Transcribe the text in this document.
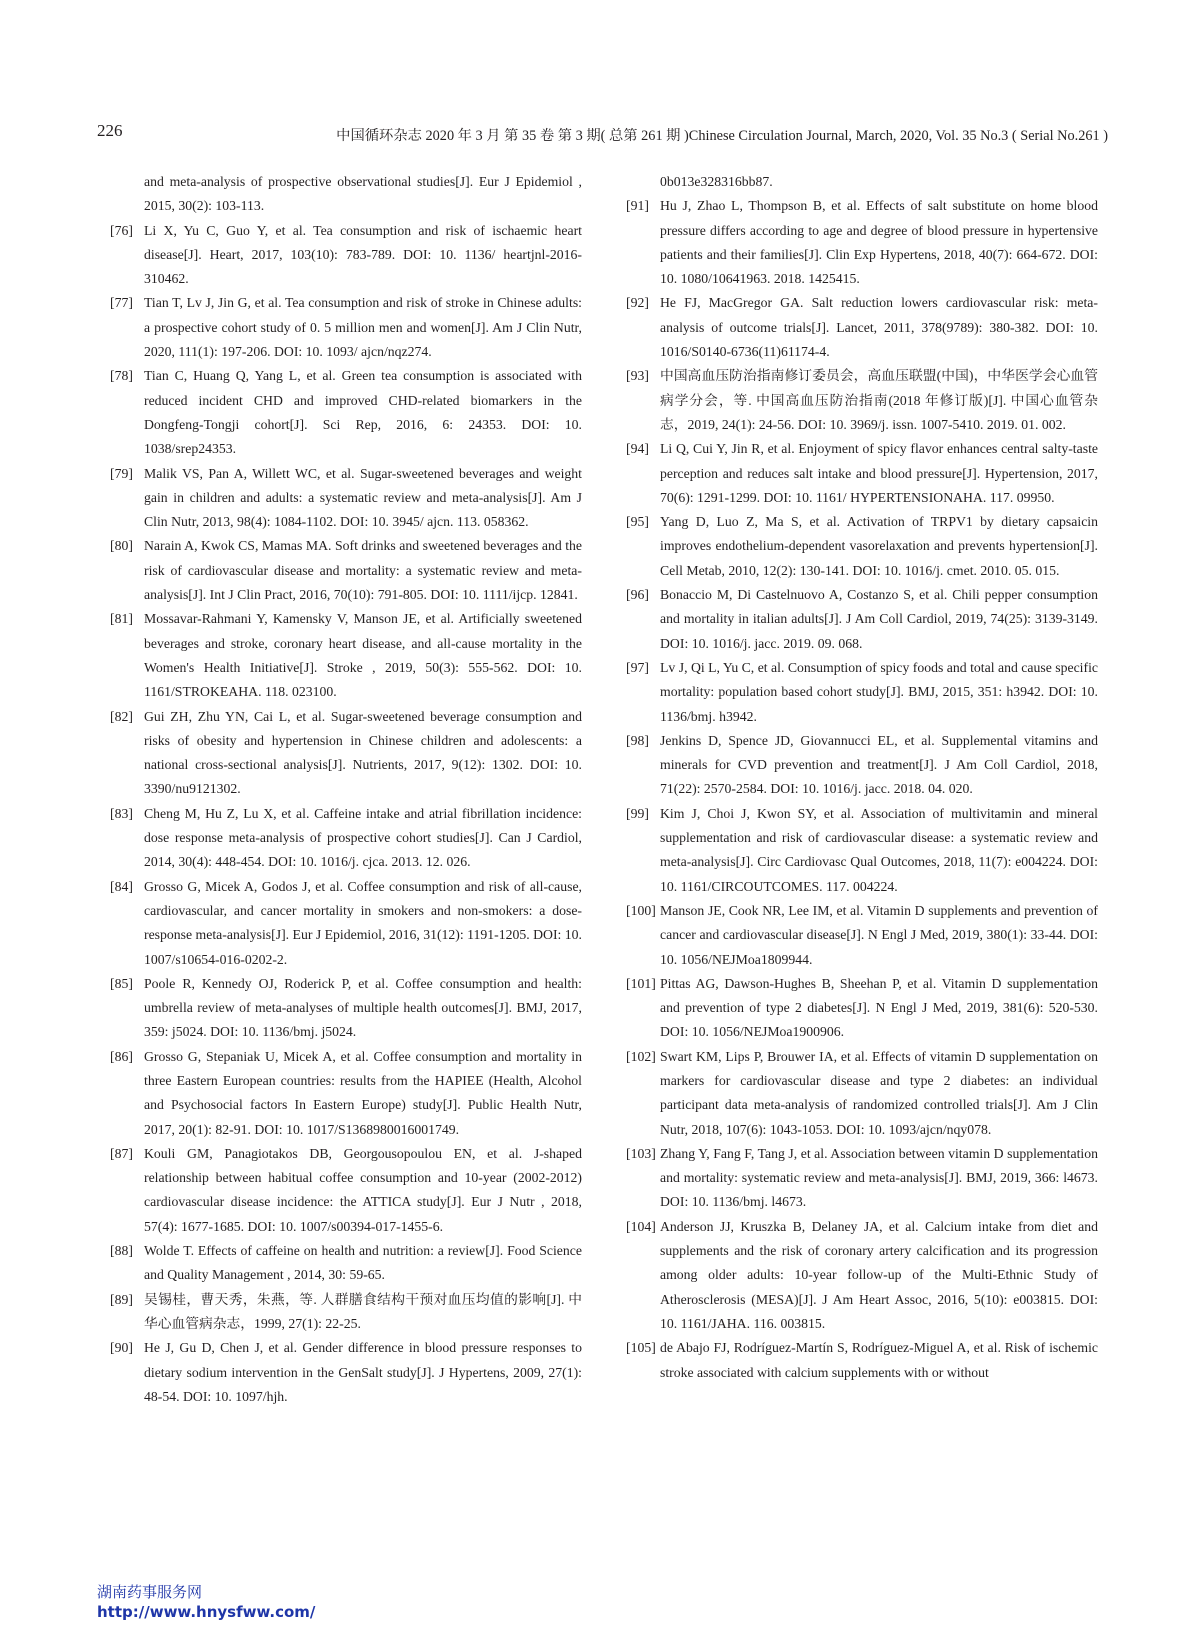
226	中国循环杂志 2020 年 3 月 第 35 卷 第 3 期( 总第 261 期 )Chinese Circulation Journal, March, 2020, Vol. 35 No.3 ( Serial No.261 )
and meta-analysis of prospective observational studies[J]. Eur J Epidemiol , 2015, 30(2): 103-113.
[76] Li X, Yu C, Guo Y, et al. Tea consumption and risk of ischaemic heart disease[J]. Heart, 2017, 103(10): 783-789. DOI: 10. 1136/ heartjnl-2016-310462.
[77] Tian T, Lv J, Jin G, et al. Tea consumption and risk of stroke in Chinese adults: a prospective cohort study of 0. 5 million men and women[J]. Am J Clin Nutr, 2020, 111(1): 197-206. DOI: 10. 1093/ ajcn/nqz274.
[78] Tian C, Huang Q, Yang L, et al. Green tea consumption is associated with reduced incident CHD and improved CHD-related biomarkers in the Dongfeng-Tongji cohort[J]. Sci Rep, 2016, 6: 24353. DOI: 10. 1038/srep24353.
[79] Malik VS, Pan A, Willett WC, et al. Sugar-sweetened beverages and weight gain in children and adults: a systematic review and meta-analysis[J]. Am J Clin Nutr, 2013, 98(4): 1084-1102. DOI: 10. 3945/ ajcn. 113. 058362.
[80] Narain A, Kwok CS, Mamas MA. Soft drinks and sweetened beverages and the risk of cardiovascular disease and mortality: a systematic review and meta-analysis[J]. Int J Clin Pract, 2016, 70(10): 791-805. DOI: 10. 1111/ijcp. 12841.
[81] Mossavar-Rahmani Y, Kamensky V, Manson JE, et al. Artificially sweetened beverages and stroke, coronary heart disease, and all-cause mortality in the Women's Health Initiative[J]. Stroke , 2019, 50(3): 555-562. DOI: 10. 1161/STROKEAHA. 118. 023100.
[82] Gui ZH, Zhu YN, Cai L, et al. Sugar-sweetened beverage consumption and risks of obesity and hypertension in Chinese children and adolescents: a national cross-sectional analysis[J]. Nutrients, 2017, 9(12): 1302. DOI: 10. 3390/nu9121302.
[83] Cheng M, Hu Z, Lu X, et al. Caffeine intake and atrial fibrillation incidence: dose response meta-analysis of prospective cohort studies[J]. Can J Cardiol, 2014, 30(4): 448-454. DOI: 10. 1016/j. cjca. 2013. 12. 026.
[84] Grosso G, Micek A, Godos J, et al. Coffee consumption and risk of all-cause, cardiovascular, and cancer mortality in smokers and non-smokers: a dose-response meta-analysis[J]. Eur J Epidemiol, 2016, 31(12): 1191-1205. DOI: 10. 1007/s10654-016-0202-2.
[85] Poole R, Kennedy OJ, Roderick P, et al. Coffee consumption and health: umbrella review of meta-analyses of multiple health outcomes[J]. BMJ, 2017, 359: j5024. DOI: 10. 1136/bmj. j5024.
[86] Grosso G, Stepaniak U, Micek A, et al. Coffee consumption and mortality in three Eastern European countries: results from the HAPIEE (Health, Alcohol and Psychosocial factors In Eastern Europe) study[J]. Public Health Nutr, 2017, 20(1): 82-91. DOI: 10. 1017/S1368980016001749.
[87] Kouli GM, Panagiotakos DB, Georgousopoulou EN, et al. J-shaped relationship between habitual coffee consumption and 10-year (2002-2012) cardiovascular disease incidence: the ATTICA study[J]. Eur J Nutr , 2018, 57(4): 1677-1685. DOI: 10. 1007/s00394-017-1455-6.
[88] Wolde T. Effects of caffeine on health and nutrition: a review[J]. Food Science and Quality Management , 2014, 30: 59-65.
[89] 吴锡桂，曹天秀，朱燕，等. 人群膳食结构干预对血压均值的影响[J]. 中华心血管病杂志，1999, 27(1): 22-25.
[90] He J, Gu D, Chen J, et al. Gender difference in blood pressure responses to dietary sodium intervention in the GenSalt study[J]. J Hypertens, 2009, 27(1): 48-54. DOI: 10. 1097/hjh.
0b013e328316bb87.
[91] Hu J, Zhao L, Thompson B, et al. Effects of salt substitute on home blood pressure differs according to age and degree of blood pressure in hypertensive patients and their families[J]. Clin Exp Hypertens, 2018, 40(7): 664-672. DOI: 10. 1080/10641963. 2018. 1425415.
[92] He FJ, MacGregor GA. Salt reduction lowers cardiovascular risk: meta-analysis of outcome trials[J]. Lancet, 2011, 378(9789): 380-382. DOI: 10. 1016/S0140-6736(11)61174-4.
[93] 中国高血压防治指南修订委员会，高血压联盟(中国)，中华医学会心血管病学分会，等. 中国高血压防治指南(2018 年修订版)[J]. 中国心血管杂志，2019, 24(1): 24-56. DOI: 10. 3969/j. issn. 1007-5410. 2019. 01. 002.
[94] Li Q, Cui Y, Jin R, et al. Enjoyment of spicy flavor enhances central salty-taste perception and reduces salt intake and blood pressure[J]. Hypertension, 2017, 70(6): 1291-1299. DOI: 10. 1161/ HYPERTENSIONAHA. 117. 09950.
[95] Yang D, Luo Z, Ma S, et al. Activation of TRPV1 by dietary capsaicin improves endothelium-dependent vasorelaxation and prevents hypertension[J]. Cell Metab, 2010, 12(2): 130-141. DOI: 10. 1016/j. cmet. 2010. 05. 015.
[96] Bonaccio M, Di Castelnuovo A, Costanzo S, et al. Chili pepper consumption and mortality in italian adults[J]. J Am Coll Cardiol, 2019, 74(25): 3139-3149. DOI: 10. 1016/j. jacc. 2019. 09. 068.
[97] Lv J, Qi L, Yu C, et al. Consumption of spicy foods and total and cause specific mortality: population based cohort study[J]. BMJ, 2015, 351: h3942. DOI: 10. 1136/bmj. h3942.
[98] Jenkins D, Spence JD, Giovannucci EL, et al. Supplemental vitamins and minerals for CVD prevention and treatment[J]. J Am Coll Cardiol, 2018, 71(22): 2570-2584. DOI: 10. 1016/j. jacc. 2018. 04. 020.
[99] Kim J, Choi J, Kwon SY, et al. Association of multivitamin and mineral supplementation and risk of cardiovascular disease: a systematic review and meta-analysis[J]. Circ Cardiovasc Qual Outcomes, 2018, 11(7): e004224. DOI: 10. 1161/CIRCOUTCOMES. 117. 004224.
[100] Manson JE, Cook NR, Lee IM, et al. Vitamin D supplements and prevention of cancer and cardiovascular disease[J]. N Engl J Med, 2019, 380(1): 33-44. DOI: 10. 1056/NEJMoa1809944.
[101] Pittas AG, Dawson-Hughes B, Sheehan P, et al. Vitamin D supplementation and prevention of type 2 diabetes[J]. N Engl J Med, 2019, 381(6): 520-530. DOI: 10. 1056/NEJMoa1900906.
[102] Swart KM, Lips P, Brouwer IA, et al. Effects of vitamin D supplementation on markers for cardiovascular disease and type 2 diabetes: an individual participant data meta-analysis of randomized controlled trials[J]. Am J Clin Nutr, 2018, 107(6): 1043-1053. DOI: 10. 1093/ajcn/nqy078.
[103] Zhang Y, Fang F, Tang J, et al. Association between vitamin D supplementation and mortality: systematic review and meta-analysis[J]. BMJ, 2019, 366: l4673. DOI: 10. 1136/bmj. l4673.
[104] Anderson JJ, Kruszka B, Delaney JA, et al. Calcium intake from diet and supplements and the risk of coronary artery calcification and its progression among older adults: 10-year follow-up of the Multi-Ethnic Study of Atherosclerosis (MESA)[J]. J Am Heart Assoc, 2016, 5(10): e003815. DOI: 10. 1161/JAHA. 116. 003815.
[105] de Abajo FJ, Rodríguez-Martín S, Rodríguez-Miguel A, et al. Risk of ischemic stroke associated with calcium supplements with or without
湖南药事服务网
http://www.hnysfww.com/
